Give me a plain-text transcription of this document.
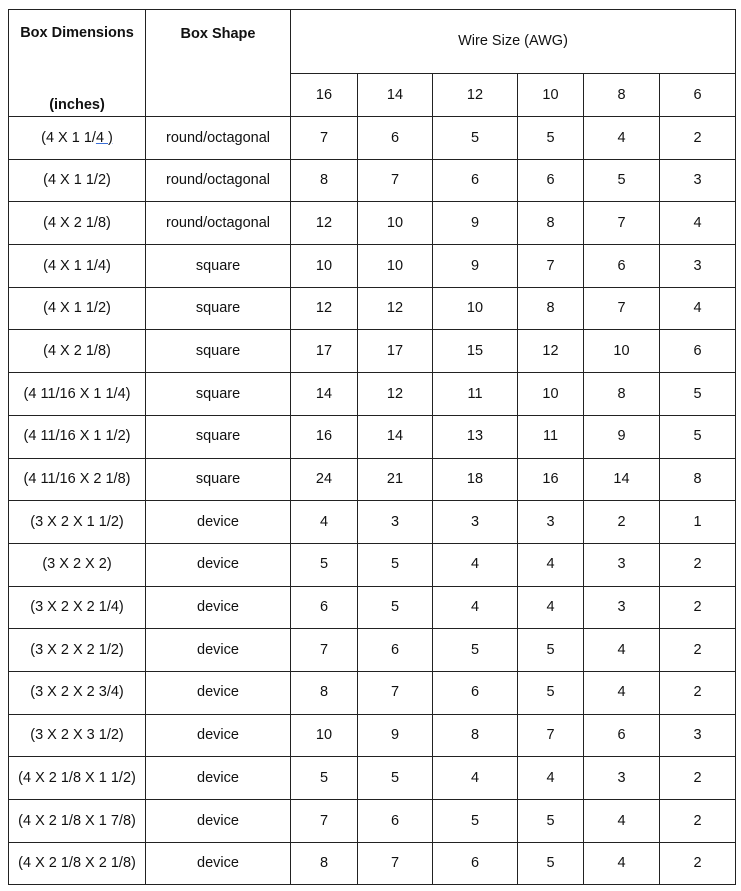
Box Dimensions
(inches)	Box Shape	Wire Size (AWG)					
		16	14	12	10	8	6
(4 X 1 1/4 )	round/octagonal	7	6	5	5	4	2
(4 X 1 1/2)	round/octagonal	8	7	6	6	5	3
(4 X 2 1/8)	round/octagonal	12	10	9	8	7	4
(4 X 1 1/4)	square	10	10	9	7	6	3
(4 X 1 1/2)	square	12	12	10	8	7	4
(4 X 2 1/8)	square	17	17	15	12	10	6
(4 11/16 X 1 1/4)	square	14	12	11	10	8	5
(4 11/16 X 1 1/2)	square	16	14	13	11	9	5
(4 11/16 X 2 1/8)	square	24	21	18	16	14	8
(3 X 2 X 1 1/2)	device	4	3	3	3	2	1
(3 X 2 X 2)	device	5	5	4	4	3	2
(3 X 2 X 2 1/4)	device	6	5	4	4	3	2
(3 X 2 X 2 1/2)	device	7	6	5	5	4	2
(3 X 2 X 2 3/4)	device	8	7	6	5	4	2
(3 X 2 X 3 1/2)	device	10	9	8	7	6	3
(4 X 2 1/8 X 1 1/2)	device	5	5	4	4	3	2
(4 X 2 1/8 X 1 7/8)	device	7	6	5	5	4	2
(4 X 2 1/8 X 2 1/8)	device	8	7	6	5	4	2
